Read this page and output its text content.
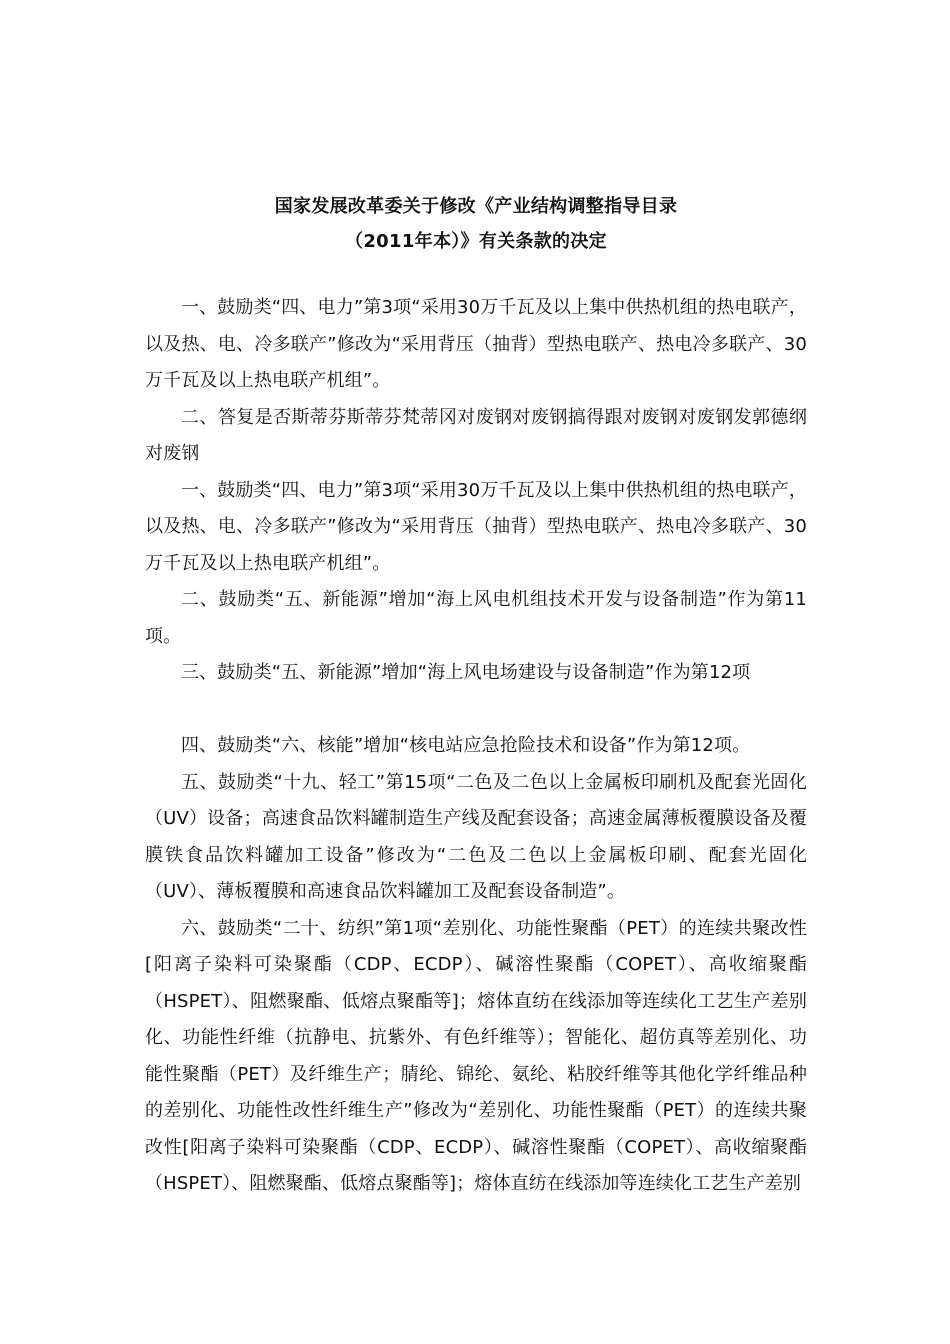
国家发展改革委关于修改《产业结构调整指导目录
（2011年本）》有关条款的决定

一、鼓励类“四、电力”第3项“采用30万千瓦及以上集中供热机组的热电联产，以及热、电、冷多联产”修改为“采用背压（抽背）型热电联产、热电冷多联产、30万千瓦及以上热电联产机组”。

二、答复是否斯蒂芬斯蒂芬梵蒂冈对废钢对废钢搞得跟对废钢对废钢发郭德纲对废钢

一、鼓励类“四、电力”第3项“采用30万千瓦及以上集中供热机组的热电联产，以及热、电、冷多联产”修改为“采用背压（抽背）型热电联产、热电冷多联产、30万千瓦及以上热电联产机组”。

二、鼓励类“五、新能源”增加“海上风电机组技术开发与设备制造”作为第11项。

三、鼓励类“五、新能源”增加“海上风电场建设与设备制造”作为第12项

四、鼓励类“六、核能”增加“核电站应急抢险技术和设备”作为第12项。

五、鼓励类“十九、轻工”第15项“二色及二色以上金属板印刷机及配套光固化（UV）设备；高速食品饮料罐制造生产线及配套设备；高速金属薄板覆膜设备及覆膜铁食品饮料罐加工设备”修改为“二色及二色以上金属板印刷、配套光固化（UV）、薄板覆膜和高速食品饮料罐加工及配套设备制造”。

六、鼓励类“二十、纺织”第1项“差别化、功能性聚酯（PET）的连续共聚改性[阳离子染料可染聚酯（CDP、ECDP）、碱溶性聚酯（COPET）、高收缩聚酯（HSPET）、阻燃聚酯、低熔点聚酯等]；熔体直纺在线添加等连续化工艺生产差别化、功能性纤维（抗静电、抗紫外、有色纤维等）；智能化、超仿真等差别化、功能性聚酯（PET）及纤维生产；腈纶、锦纶、氨纶、粘胶纤维等其他化学纤维品种的差别化、功能性改性纤维生产”修改为“差别化、功能性聚酯（PET）的连续共聚改性[阳离子染料可染聚酯（CDP、ECDP）、碱溶性聚酯（COPET）、高收缩聚酯（HSPET）、阻燃聚酯、低熔点聚酯等]；熔体直纺在线添加等连续化工艺生产差别
